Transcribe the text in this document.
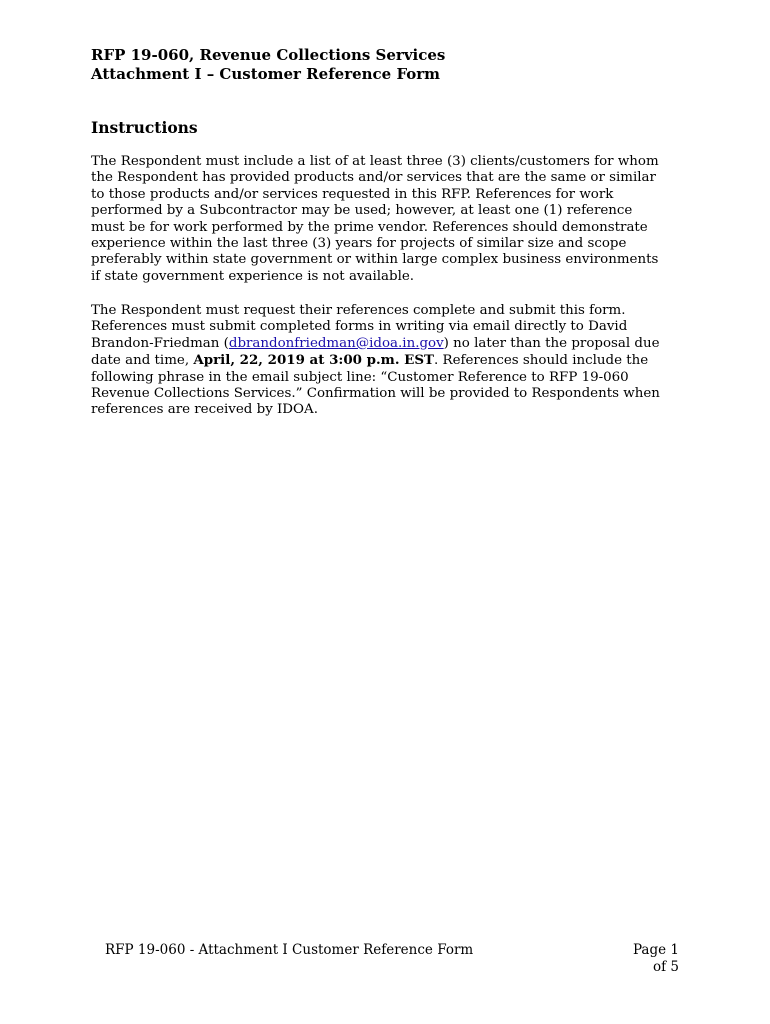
RFP 19-060, Revenue Collections Services
Attachment I – Customer Reference Form
Instructions
The Respondent must include a list of at least three (3) clients/customers for whom
the Respondent has provided products and/or services that are the same or similar
to those products and/or services requested in this RFP. References for work
performed by a Subcontractor may be used; however, at least one (1) reference
must be for work performed by the prime vendor. References should demonstrate
experience within the last three (3) years for projects of similar size and scope
preferably within state government or within large complex business environments
if state government experience is not available.
The Respondent must request their references complete and submit this form.
References must submit completed forms in writing via email directly to David
Brandon-Friedman (dbrandonfriedman@idoa.in.gov) no later than the proposal due
date and time, April, 22, 2019 at 3:00 p.m. EST. References should include the
following phrase in the email subject line: “Customer Reference to RFP 19-060
Revenue Collections Services.” Confirmation will be provided to Respondents when
references are received by IDOA.
RFP 19-060 - Attachment I Customer Reference Form	Page 1
of 5
